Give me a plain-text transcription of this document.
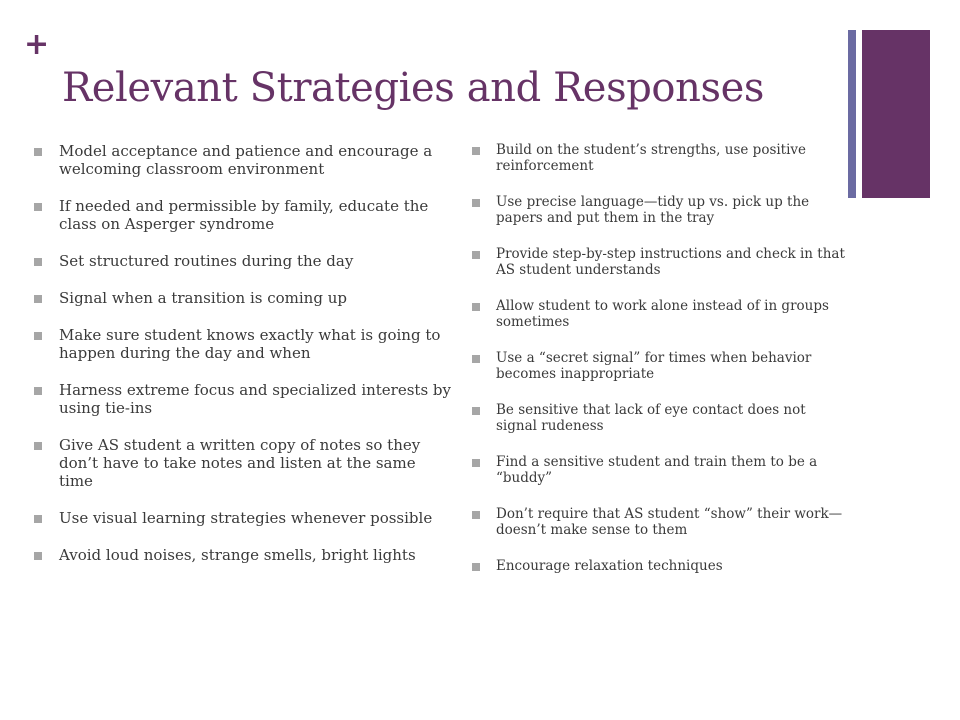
+
Relevant Strategies and Responses
Model acceptance and patience and encourage a welcoming classroom environment
If needed and permissible by family, educate the class on Asperger syndrome
Set structured routines during the day
Signal when a transition is coming up
Make sure student knows exactly what is going to happen during the day and when
Harness extreme focus and specialized interests by using tie-ins
Give AS student a written copy of notes so they don’t have to take notes and listen at the same time
Use visual learning strategies whenever possible
Avoid loud noises, strange smells, bright lights
Build on the student’s strengths, use positive reinforcement
Use precise language—tidy up vs. pick up the papers and put them in the tray
Provide step-by-step instructions and check in that AS student understands
Allow student to work alone instead of in groups sometimes
Use a “secret signal” for times when behavior becomes inappropriate
Be sensitive that lack of eye contact does not signal rudeness
Find a sensitive student and train them to be a “buddy”
Don’t require that AS student “show” their work—doesn’t make sense to them
Encourage relaxation techniques
